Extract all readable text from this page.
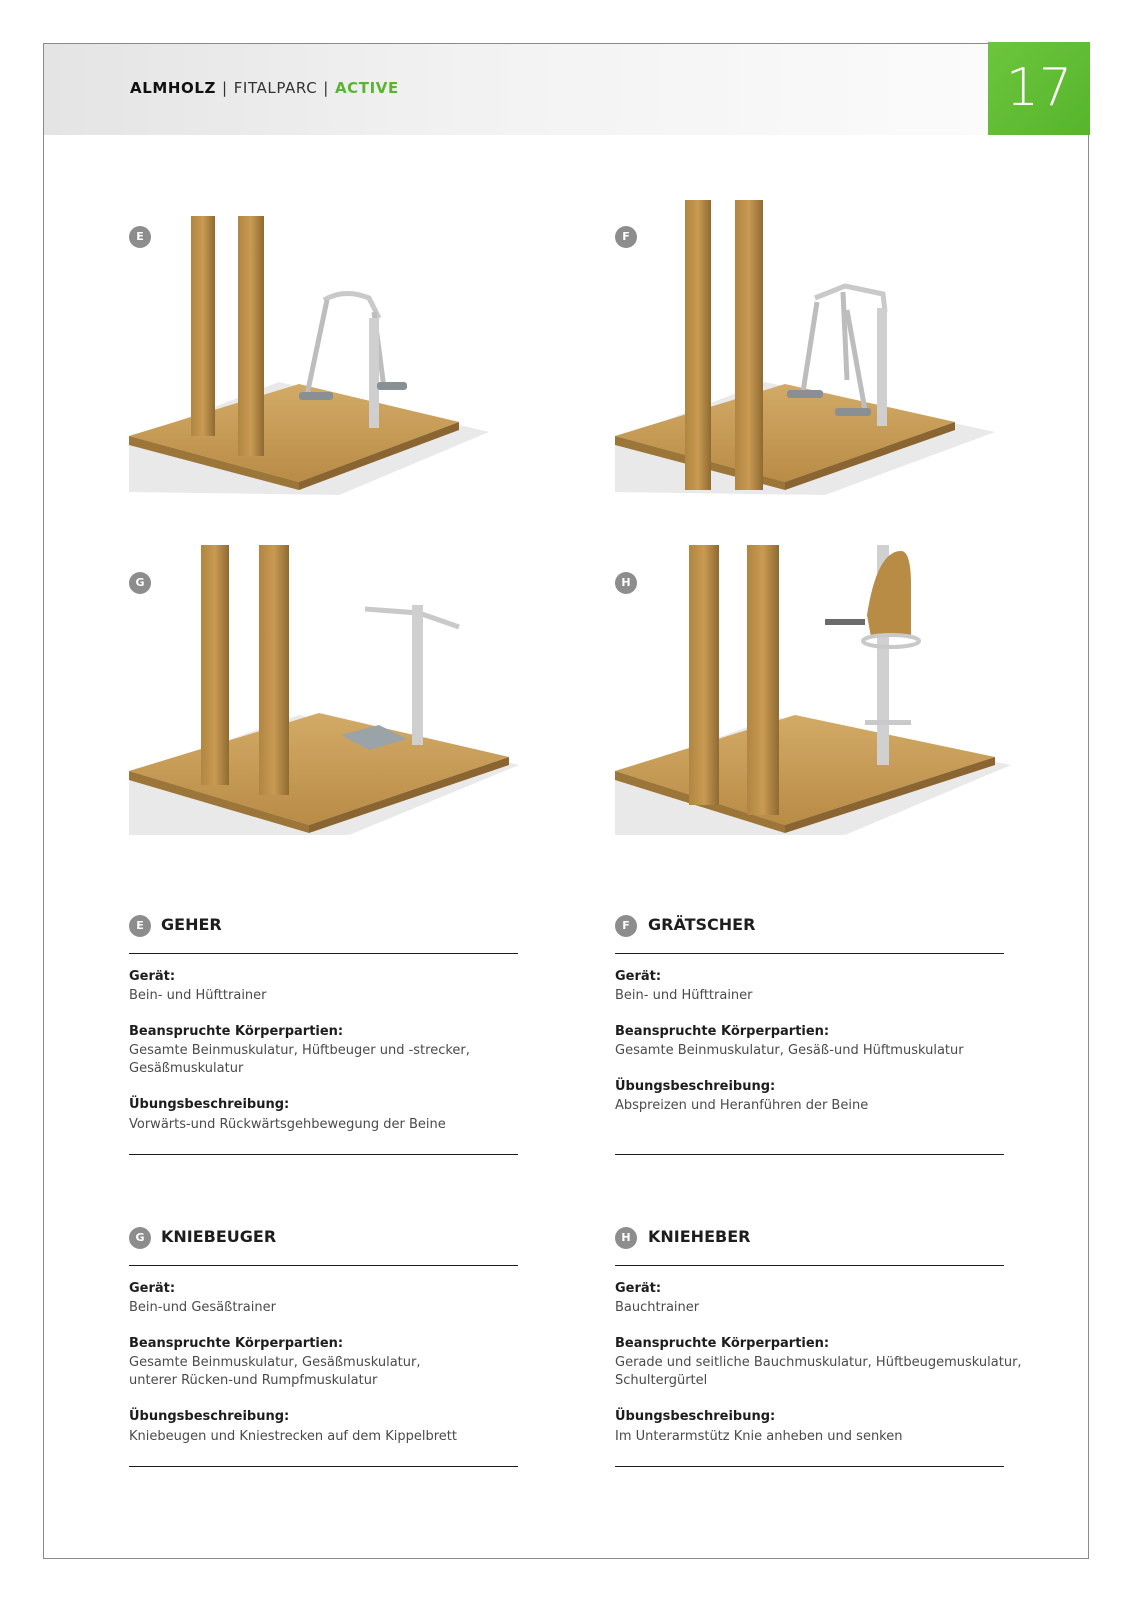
ALMHOLZ | FITALPARC | ACTIVE	17
E	F
G	H
E	GEHER
Gerät:
Bein- und Hüfttrainer
Beanspruchte Körperpartien:
Gesamte Beinmuskulatur, Hüftbeuger und -strecker, Gesäßmuskulatur
Übungsbeschreibung:
Vorwärts-und Rückwärtsgehbewegung der Beine
F	GRÄTSCHER
Gerät:
Bein- und Hüfttrainer
Beanspruchte Körperpartien:
Gesamte Beinmuskulatur, Gesäß-und Hüftmuskulatur
Übungsbeschreibung:
Abspreizen und Heranführen der Beine
G	KNIEBEUGER
Gerät:
Bein-und Gesäßtrainer
Beanspruchte Körperpartien:
Gesamte Beinmuskulatur, Gesäßmuskulatur, unterer Rücken-und Rumpfmuskulatur
Übungsbeschreibung:
Kniebeugen und Kniestrecken auf dem Kippelbrett
H	KNIEHEBER
Gerät:
Bauchtrainer
Beanspruchte Körperpartien:
Gerade und seitliche Bauchmuskulatur, Hüftbeugemuskulatur, Schultergürtel
Übungsbeschreibung:
Im Unterarmstütz Knie anheben und senken
